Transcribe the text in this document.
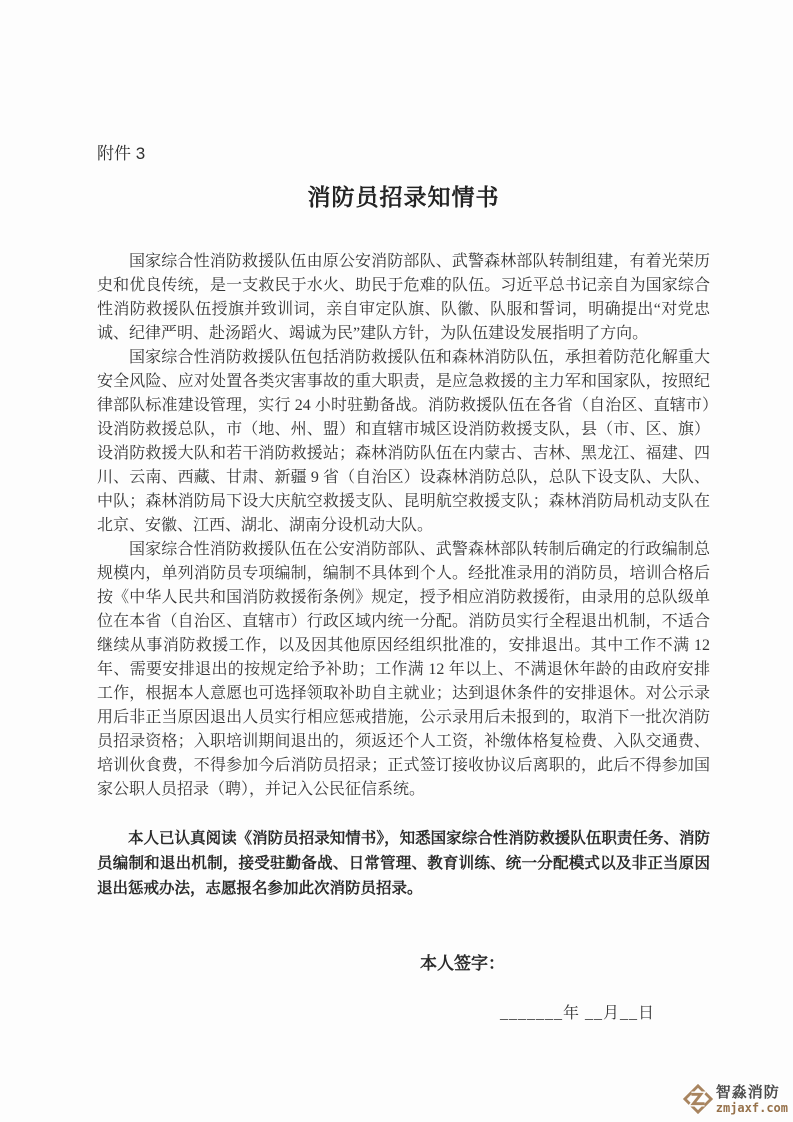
附件 3
消防员招录知情书

国家综合性消防救援队伍由原公安消防部队、武警森林部队转制组建，有着光荣历史和优良传统，是一支救民于水火、助民于危难的队伍。习近平总书记亲自为国家综合性消防救援队伍授旗并致训词，亲自审定队旗、队徽、队服和誓词，明确提出“对党忠诚、纪律严明、赴汤蹈火、竭诚为民”建队方针，为队伍建设发展指明了方向。

国家综合性消防救援队伍包括消防救援队伍和森林消防队伍，承担着防范化解重大安全风险、应对处置各类灾害事故的重大职责，是应急救援的主力军和国家队，按照纪律部队标准建设管理，实行 24 小时驻勤备战。消防救援队伍在各省（自治区、直辖市）设消防救援总队，市（地、州、盟）和直辖市城区设消防救援支队，县（市、区、旗）设消防救援大队和若干消防救援站；森林消防队伍在内蒙古、吉林、黑龙江、福建、四川、云南、西藏、甘肃、新疆 9 省（自治区）设森林消防总队，总队下设支队、大队、中队；森林消防局下设大庆航空救援支队、昆明航空救援支队；森林消防局机动支队在北京、安徽、江西、湖北、湖南分设机动大队。

国家综合性消防救援队伍在公安消防部队、武警森林部队转制后确定的行政编制总规模内，单列消防员专项编制，编制不具体到个人。经批准录用的消防员，培训合格后按《中华人民共和国消防救援衔条例》规定，授予相应消防救援衔，由录用的总队级单位在本省（自治区、直辖市）行政区域内统一分配。消防员实行全程退出机制，不适合继续从事消防救援工作，以及因其他原因经组织批准的，安排退出。其中工作不满 12 年、需要安排退出的按规定给予补助；工作满 12 年以上、不满退休年龄的由政府安排工作，根据本人意愿也可选择领取补助自主就业；达到退休条件的安排退休。对公示录用后非正当原因退出人员实行相应惩戒措施，公示录用后未报到的，取消下一批次消防员招录资格；入职培训期间退出的，须返还个人工资，补缴体格复检费、入队交通费、培训伙食费，不得参加今后消防员招录；正式签订接收协议后离职的，此后不得参加国家公职人员招录（聘），并记入公民征信系统。

本人已认真阅读《消防员招录知情书》，知悉国家综合性消防救援队伍职责任务、消防员编制和退出机制，接受驻勤备战、日常管理、教育训练、统一分配模式以及非正当原因退出惩戒办法，志愿报名参加此次消防员招录。

本人签字：
_______年 __月__日
智淼消防
zmjaxf.com
